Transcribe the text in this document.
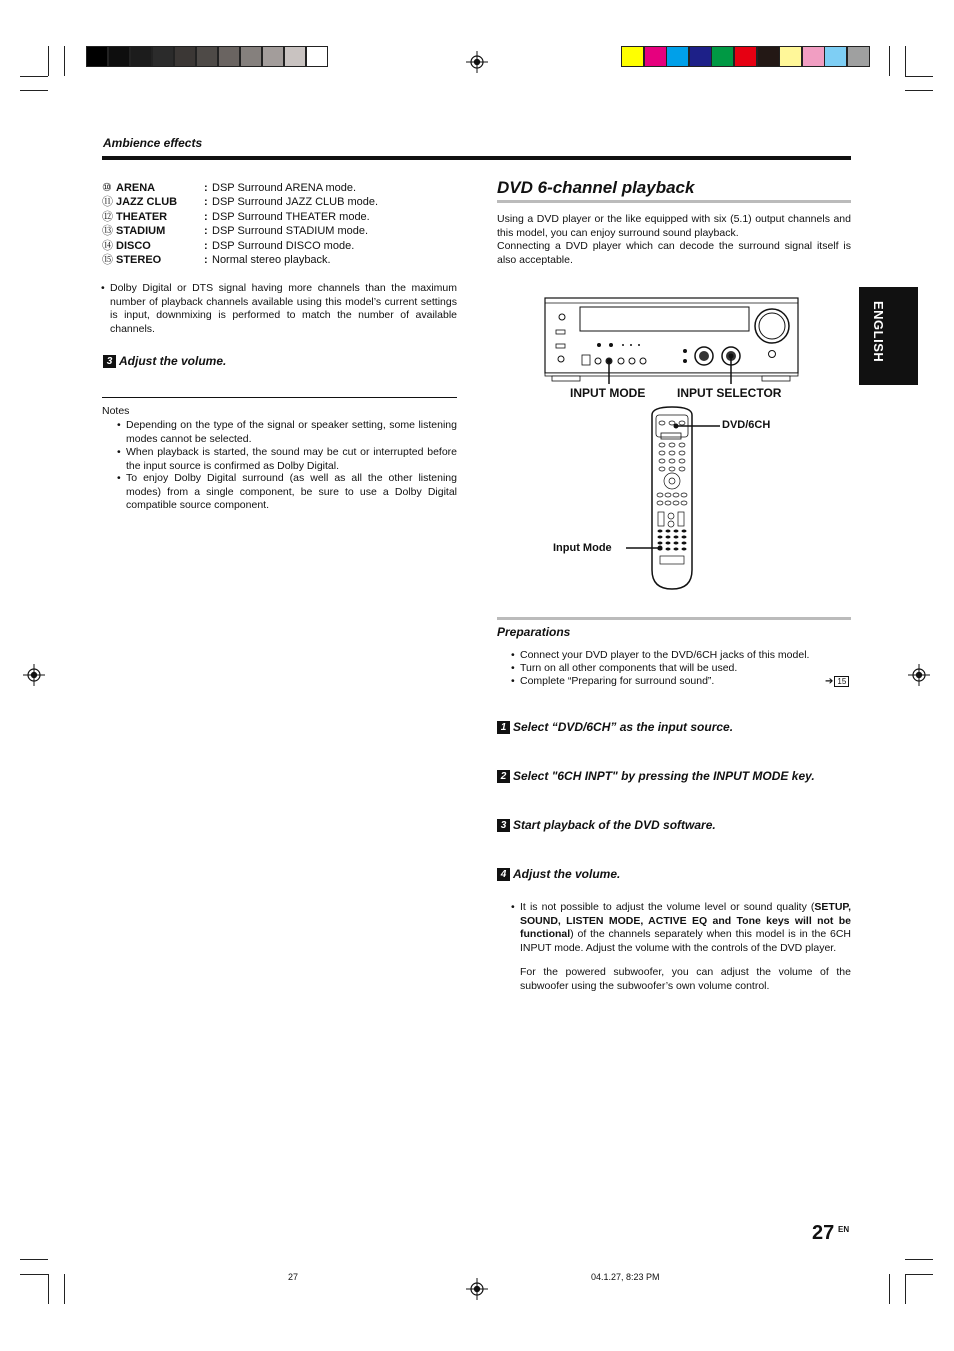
Ambience effects
⑩ ARENA	: DSP Surround ARENA mode.
⑪ JAZZ CLUB : DSP Surround JAZZ CLUB mode.
⑫ THEATER	: DSP Surround THEATER mode.
⑬ STADIUM	: DSP Surround STADIUM mode.
⑭ DISCO	: DSP Surround DISCO mode.
⑮ STEREO	: Normal stereo playback.
• Dolby Digital or DTS signal having more channels than the maximum number of playback channels available using this model’s current settings is input, downmixing is performed to match the number of available channels.
3 Adjust the volume.
Notes
• Depending on the type of the signal or speaker setting, some listening modes cannot be selected.
• When playback is started, the sound may be cut or interrupted before the input source is confirmed as Dolby Digital.
• To enjoy Dolby Digital surround (as well as all the other listening modes) from a single component, be sure to use a Dolby Digital compatible source component.
DVD 6-channel playback
Using a DVD player or the like equipped with six (5.1) output channels and this model, you can enjoy surround sound playback.
Connecting a DVD player which can decode the surround signal itself is also acceptable.
INPUT MODE	INPUT SELECTOR
DVD/6CH
Input Mode
Preparations
• Connect your DVD player to the DVD/6CH jacks of this model.
• Turn on all other components that will be used.
• Complete “Preparing for surround sound”.	➔ 15
1 Select “DVD/6CH” as the input source.
2 Select "6CH INPT" by pressing the INPUT MODE key.
3 Start playback of the DVD software.
4 Adjust the volume.
• It is not possible to adjust the volume level or sound quality (SETUP, SOUND, LISTEN MODE, ACTIVE EQ and Tone keys will not be functional) of the channels separately when this model is in the 6CH INPUT mode. Adjust the volume with the controls of the DVD player.
For the powered subwoofer, you can adjust the volume of the subwoofer using the subwoofer’s own volume control.
ENGLISH
27 EN
27	04.1.27, 8:23 PM
